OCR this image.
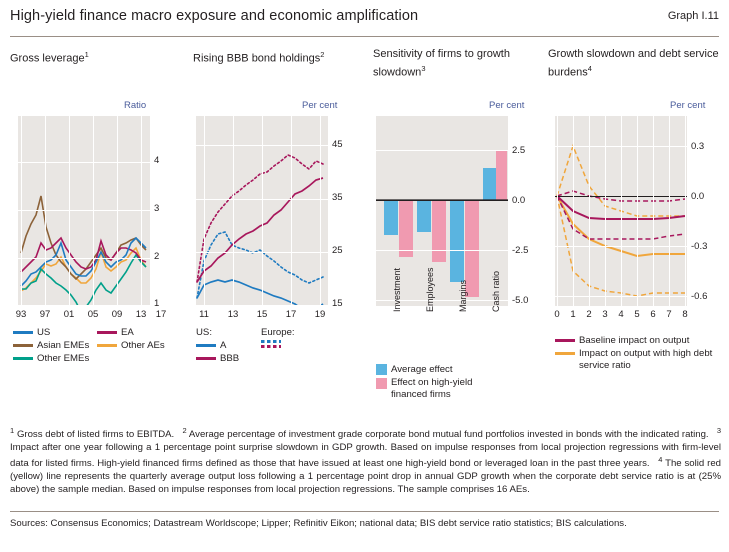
High-yield finance macro exposure and economic amplification	Graph I.11
Gross leverage$^1$
Ratio
4
3
2
1
93	97	01	05	09	13 17
US
Asian EMEs
Other EMEs
EA
Other AEs
Rising BBB bond holdings$^2$
Per cent
45
35
25
15
11	13	15	17	19
US:
A
BBB
Europe:
Sensitivity of firms to growth slowdown$^3$
Per cent
2.5
0.0
-2.5
-5.0
Investment	Employees	Margins	Cash ratio
Average effect
Effect on high-yield financed firms
Growth slowdown and debt service burdens$^4$
Per cent
0.3
0.0
-0.3
-0.6
0	1	2	3	4	5	6	7	8
Baseline impact on output
Impact on output with high debt service ratio
$^1$ Gross debt of listed firms to EBITDA. $^2$ Average percentage of investment grade corporate bond mutual fund portfolios invested in bonds with the indicated rating. $^3$ Impact after one year following a 1 percentage point surprise slowdown in GDP growth. Based on impulse responses from local projection regressions with firm-level data for listed firms. High-yield financed firms defined as those that have issued at least one high-yield bond or leveraged loan in the past three years. $^4$ The solid red (yellow) line represents the quarterly average output loss following a 1 percentage point drop in annual GDP growth when the corporate debt service ratio is at (25% above) the sample median. Based on impulse responses from local projection regressions. The sample comprises 16 AEs.
Sources: Consensus Economics; Datastream Worldscope; Lipper; Refinitiv Eikon; national data; BIS debt service ratio statistics; BIS calculations.
